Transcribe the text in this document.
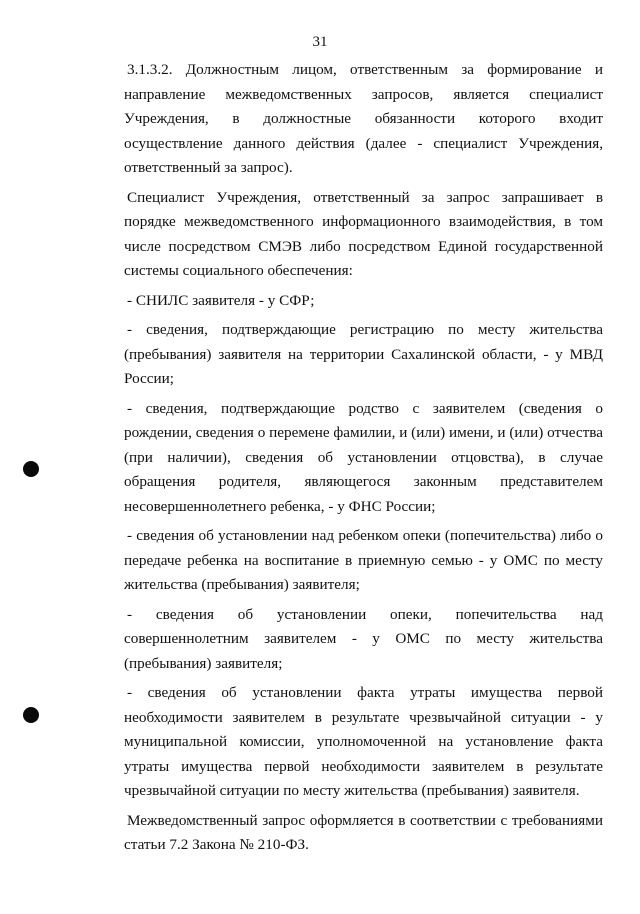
31

3.1.3.2. Должностным лицом, ответственным за формирование и направление межведомственных запросов, является специалист Учреждения, в должностные обязанности которого входит осуществление данного действия (далее - специалист Учреждения, ответственный за запрос).

Специалист Учреждения, ответственный за запрос запрашивает в порядке межведомственного информационного взаимодействия, в том числе посредством СМЭВ либо посредством Единой государственной системы социального обеспечения:

- СНИЛС заявителя - у СФР;

- сведения, подтверждающие регистрацию по месту жительства (пребывания) заявителя на территории Сахалинской области, - у МВД России;

- сведения, подтверждающие родство с заявителем (сведения о рождении, сведения о перемене фамилии, и (или) имени, и (или) отчества (при наличии), сведения об установлении отцовства), в случае обращения родителя, являющегося законным представителем несовершеннолетнего ребенка, - у ФНС России;

- сведения об установлении над ребенком опеки (попечительства) либо о передаче ребенка на воспитание в приемную семью - у ОМС по месту жительства (пребывания) заявителя;

- сведения об установлении опеки, попечительства над совершеннолетним заявителем - у ОМС по месту жительства (пребывания) заявителя;

- сведения об установлении факта утраты имущества первой необходимости заявителем в результате чрезвычайной ситуации - у муниципальной комиссии, уполномоченной на установление факта утраты имущества первой необходимости заявителем в результате чрезвычайной ситуации по месту жительства (пребывания) заявителя.

Межведомственный запрос оформляется в соответствии с требованиями статьи 7.2 Закона № 210-ФЗ.
